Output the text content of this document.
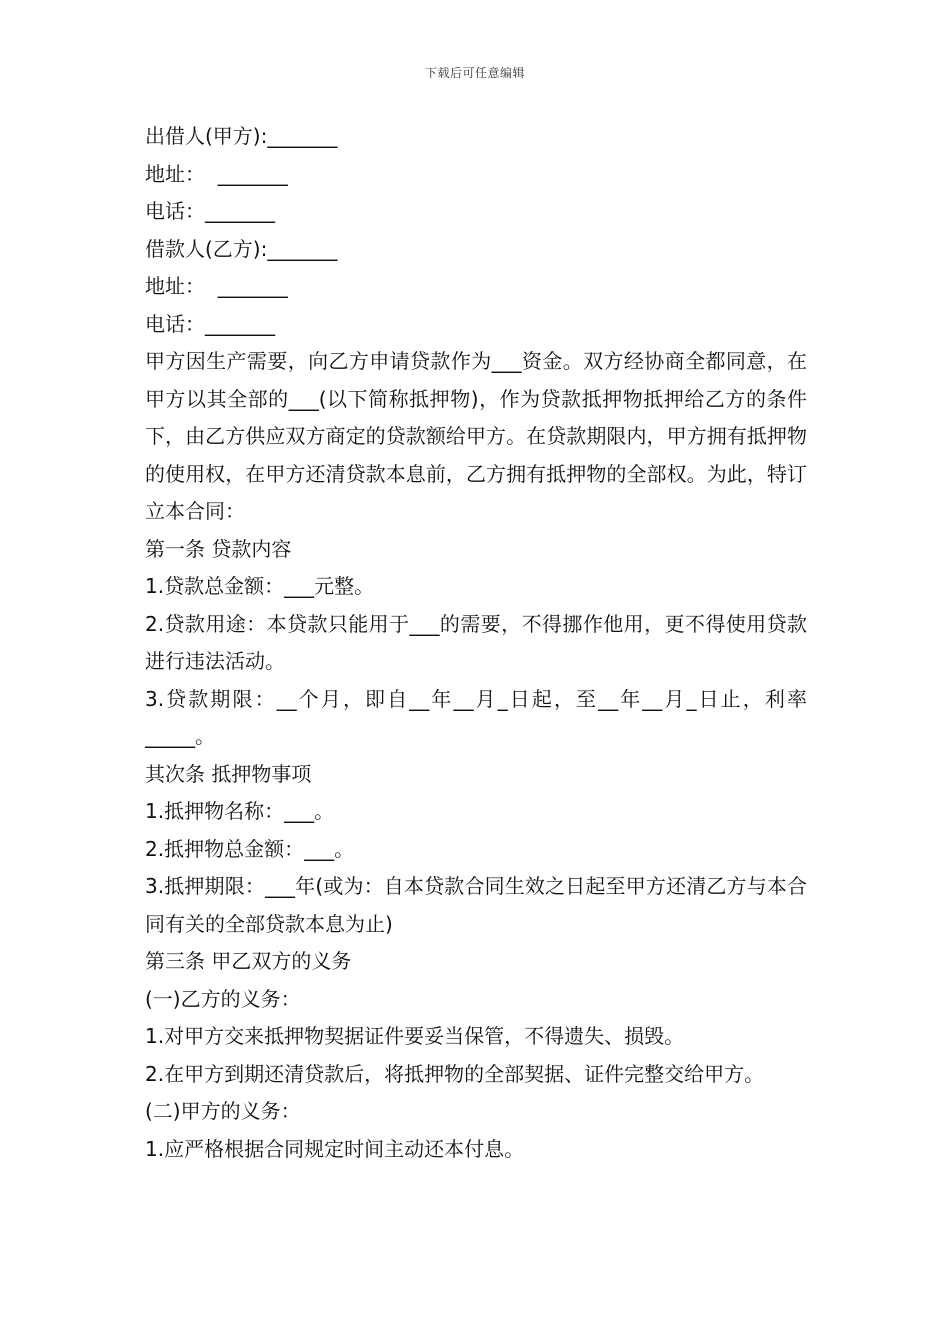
下载后可任意编辑

出借人(甲方):_______

地址：  _______

电话：_______

借款人(乙方):_______

地址：  _______

电话：_______

甲方因生产需要，向乙方申请贷款作为___资金。双方经协商全都同意，在甲方以其全部的___(以下简称抵押物)，作为贷款抵押物抵押给乙方的条件下，由乙方供应双方商定的贷款额给甲方。在贷款期限内，甲方拥有抵押物的使用权，在甲方还清贷款本息前，乙方拥有抵押物的全部权。为此，特订立本合同：

第一条 贷款内容

1.贷款总金额：___元整。

2.贷款用途：本贷款只能用于___的需要，不得挪作他用，更不得使用贷款进行违法活动。

3.贷款期限：__个月，即自__年__月_日起，至__年__月_日止，利率_____。

其次条 抵押物事项

1.抵押物名称：___。

2.抵押物总金额：___。

3.抵押期限：___年(或为：自本贷款合同生效之日起至甲方还清乙方与本合同有关的全部贷款本息为止)

第三条 甲乙双方的义务

(一)乙方的义务：

1.对甲方交来抵押物契据证件要妥当保管，不得遗失、损毁。

2.在甲方到期还清贷款后，将抵押物的全部契据、证件完整交给甲方。

(二)甲方的义务：

1.应严格根据合同规定时间主动还本付息。
